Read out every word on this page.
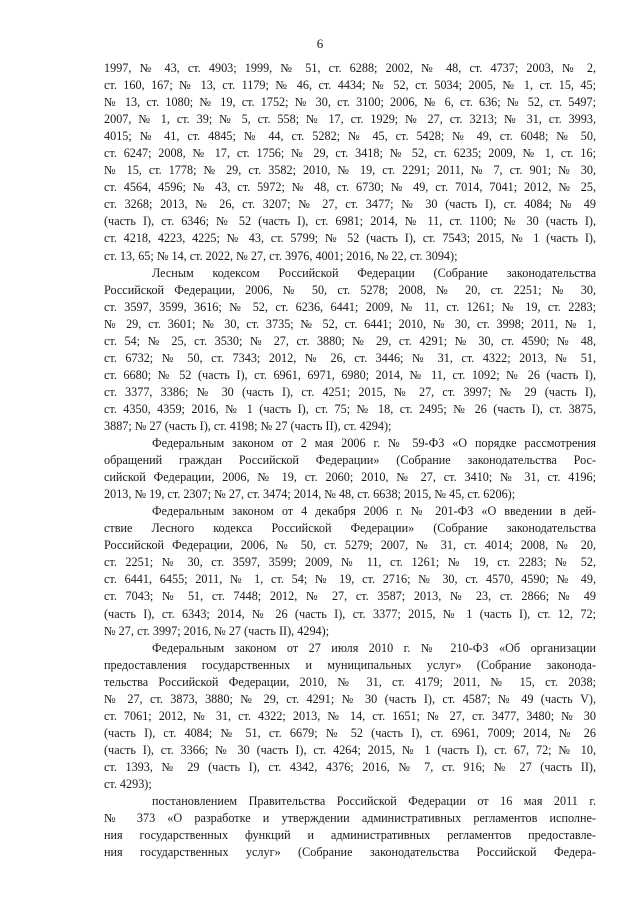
6
1997, № 43, ст. 4903; 1999, № 51, ст. 6288; 2002, № 48, ст. 4737; 2003, № 2,
ст. 160, 167; № 13, ст. 1179; № 46, ст. 4434; № 52, ст. 5034; 2005, № 1, ст. 15, 45;
№ 13, ст. 1080; № 19, ст. 1752; № 30, ст. 3100; 2006, № 6, ст. 636; № 52, ст. 5497;
2007, № 1, ст. 39; № 5, ст. 558; № 17, ст. 1929; № 27, ст. 3213; № 31, ст. 3993,
4015; № 41, ст. 4845; № 44, ст. 5282; № 45, ст. 5428; № 49, ст. 6048; № 50,
ст. 6247; 2008, № 17, ст. 1756; № 29, ст. 3418; № 52, ст. 6235; 2009, № 1, ст. 16;
№ 15, ст. 1778; № 29, ст. 3582; 2010, № 19, ст. 2291; 2011, № 7, ст. 901; № 30,
ст. 4564, 4596; № 43, ст. 5972; № 48, ст. 6730; № 49, ст. 7014, 7041; 2012, № 25,
ст. 3268; 2013, № 26, ст. 3207; № 27, ст. 3477; № 30 (часть I), ст. 4084; № 49
(часть I), ст. 6346; № 52 (часть I), ст. 6981; 2014, № 11, ст. 1100; № 30 (часть I),
ст. 4218, 4223, 4225; № 43, ст. 5799; № 52 (часть I), ст. 7543; 2015, № 1 (часть I),
ст. 13, 65; № 14, ст. 2022, № 27, ст. 3976, 4001; 2016, № 22, ст. 3094);
Лесным кодексом Российской Федерации (Собрание законодательства
Российской Федерации, 2006, № 50, ст. 5278; 2008, № 20, ст. 2251; № 30,
ст. 3597, 3599, 3616; № 52, ст. 6236, 6441; 2009, № 11, ст. 1261; № 19, ст. 2283;
№ 29, ст. 3601; № 30, ст. 3735; № 52, ст. 6441; 2010, № 30, ст. 3998; 2011, № 1,
ст. 54; № 25, ст. 3530; № 27, ст. 3880; № 29, ст. 4291; № 30, ст. 4590; № 48,
ст. 6732; № 50, ст. 7343; 2012, № 26, ст. 3446; № 31, ст. 4322; 2013, № 51,
ст. 6680; № 52 (часть I), ст. 6961, 6971, 6980; 2014, № 11, ст. 1092; № 26 (часть I),
ст. 3377, 3386; № 30 (часть I), ст. 4251; 2015, № 27, ст. 3997; № 29 (часть I),
ст. 4350, 4359; 2016, № 1 (часть I), ст. 75; № 18, ст. 2495; № 26 (часть I), ст. 3875,
3887; № 27 (часть I), ст. 4198; № 27 (часть II), ст. 4294);
Федеральным законом от 2 мая 2006 г. № 59-ФЗ «О порядке рассмотрения
обращений граждан Российской Федерации» (Собрание законодательства Рос-
сийской Федерации, 2006, № 19, ст. 2060; 2010, № 27, ст. 3410; № 31, ст. 4196;
2013, № 19, ст. 2307; № 27, ст. 3474; 2014, № 48, ст. 6638; 2015, № 45, ст. 6206);
Федеральным законом от 4 декабря 2006 г. № 201-ФЗ «О введении в дей-
ствие Лесного кодекса Российской Федерации» (Собрание законодательства
Российской Федерации, 2006, № 50, ст. 5279; 2007, № 31, ст. 4014; 2008, № 20,
ст. 2251; № 30, ст. 3597, 3599; 2009, № 11, ст. 1261; № 19, ст. 2283; № 52,
ст. 6441, 6455; 2011, № 1, ст. 54; № 19, ст. 2716; № 30, ст. 4570, 4590; № 49,
ст. 7043; № 51, ст. 7448; 2012, № 27, ст. 3587; 2013, № 23, ст. 2866; № 49
(часть I), ст. 6343; 2014, № 26 (часть I), ст. 3377; 2015, № 1 (часть I), ст. 12, 72;
№ 27, ст. 3997; 2016, № 27 (часть II), 4294);
Федеральным законом от 27 июля 2010 г. № 210-ФЗ «Об организации
предоставления государственных и муниципальных услуг» (Собрание законода-
тельства Российской Федерации, 2010, № 31, ст. 4179; 2011, № 15, ст. 2038;
№ 27, ст. 3873, 3880; № 29, ст. 4291; № 30 (часть I), ст. 4587; № 49 (часть V),
ст. 7061; 2012, № 31, ст. 4322; 2013, № 14, ст. 1651; № 27, ст. 3477, 3480; № 30
(часть I), ст. 4084; № 51, ст. 6679; № 52 (часть I), ст. 6961, 7009; 2014, № 26
(часть I), ст. 3366; № 30 (часть I), ст. 4264; 2015, № 1 (часть I), ст. 67, 72; № 10,
ст. 1393, № 29 (часть I), ст. 4342, 4376; 2016, № 7, ст. 916; № 27 (часть II),
ст. 4293);
постановлением Правительства Российской Федерации от 16 мая 2011 г.
№ 373 «О разработке и утверждении административных регламентов исполне-
ния государственных функций и административных регламентов предоставле-
ния государственных услуг» (Собрание законодательства Российской Федера-
